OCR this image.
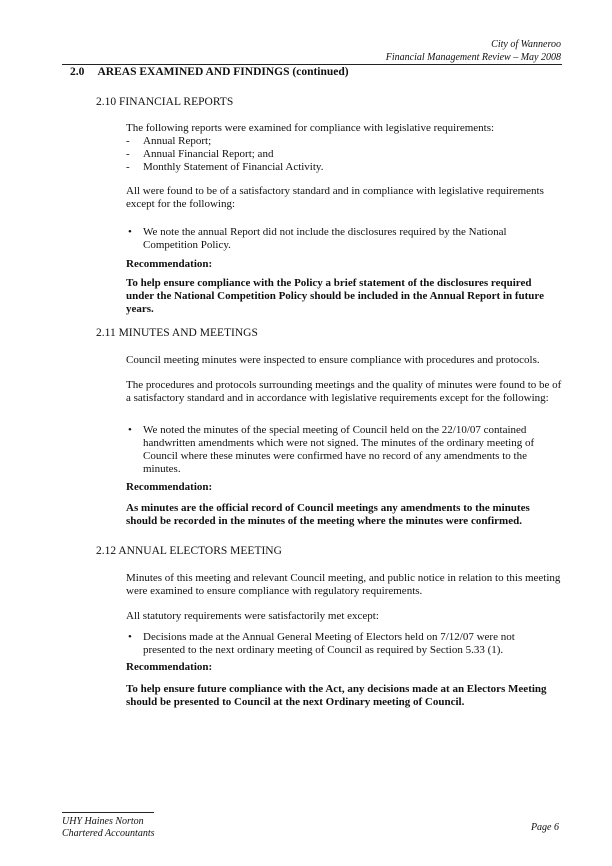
City of Wanneroo
Financial Management Review – May 2008
2.0 AREAS EXAMINED AND FINDINGS (continued)
2.10 FINANCIAL REPORTS
The following reports were examined for compliance with legislative requirements:
- Annual Report;
- Annual Financial Report; and
- Monthly Statement of Financial Activity.
All were found to be of a satisfactory standard and in compliance with legislative requirements except for the following:
• We note the annual Report did not include the disclosures required by the National Competition Policy.
Recommendation:
To help ensure compliance with the Policy a brief statement of the disclosures required under the National Competition Policy should be included in the Annual Report in future years.
2.11 MINUTES AND MEETINGS
Council meeting minutes were inspected to ensure compliance with procedures and protocols.
The procedures and protocols surrounding meetings and the quality of minutes were found to be of a satisfactory standard and in accordance with legislative requirements except for the following:
• We noted the minutes of the special meeting of Council held on the 22/10/07 contained handwritten amendments which were not signed. The minutes of the ordinary meeting of Council where these minutes were confirmed have no record of any amendments to the minutes.
Recommendation:
As minutes are the official record of Council meetings any amendments to the minutes should be recorded in the minutes of the meeting where the minutes were confirmed.
2.12 ANNUAL ELECTORS MEETING
Minutes of this meeting and relevant Council meeting, and public notice in relation to this meeting were examined to ensure compliance with regulatory requirements.
All statutory requirements were satisfactorily met except:
• Decisions made at the Annual General Meeting of Electors held on 7/12/07 were not presented to the next ordinary meeting of Council as required by Section 5.33 (1).
Recommendation:
To help ensure future compliance with the Act, any decisions made at an Electors Meeting should be presented to Council at the next Ordinary meeting of Council.
UHY Haines Norton
Chartered Accountants
Page 6
